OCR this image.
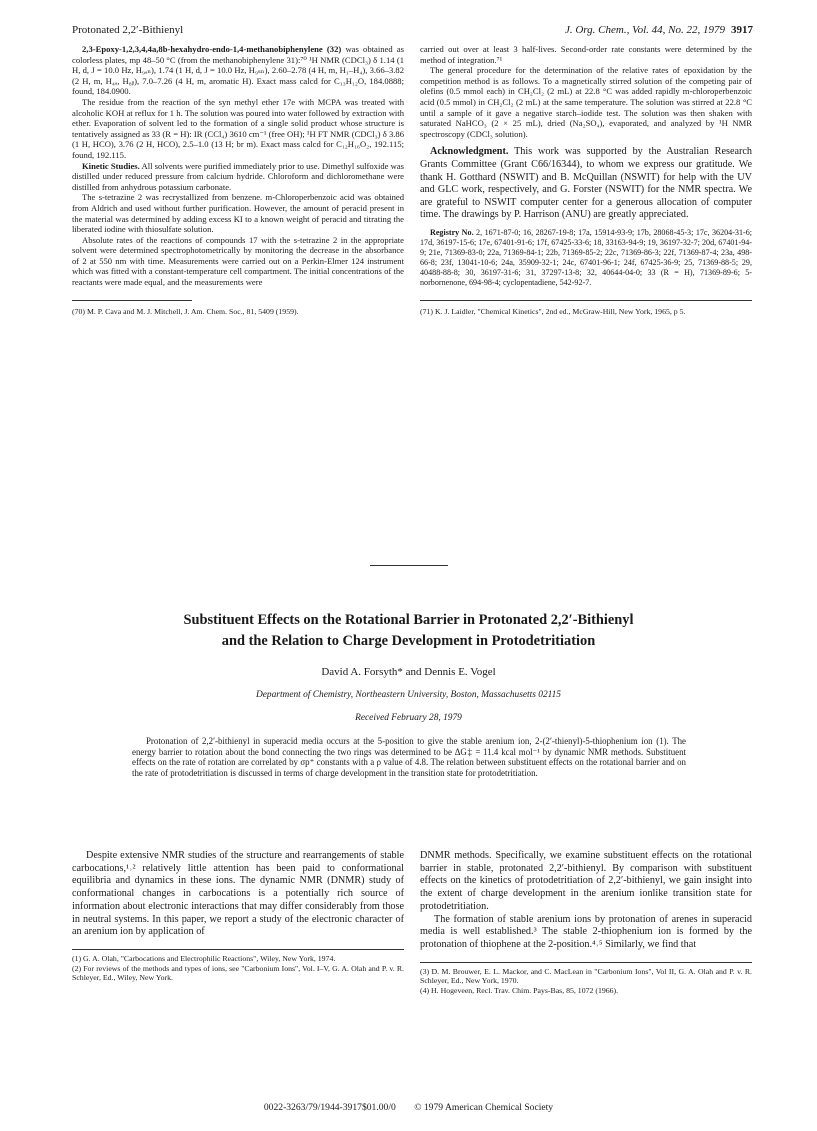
Protonated 2,2′-Bithienyl	J. Org. Chem., Vol. 44, No. 22, 1979 3917

2,3-Epoxy-1,2,3,4,4a,8b-hexahydro-endo-1,4-methanobiphenylene (32) was obtained as colorless plates, mp 48–50 °C (from the methanobiphenylene 31):⁷⁰ ¹H NMR (CDCl₃) δ 1.14 (1 H, d, J = 10.0 Hz, H₉ₐₙ), 1.74 (1 H, d, J = 10.0 Hz, H₉ₛₙ), 2.60–2.78 (4 H, m, H₁–H₄), 3.66–3.82 (2 H, m, H₄ₐ, H₈ᵦ), 7.0–7.26 (4 H, m, aromatic H). Exact mass calcd for C₁₃H₁₂O, 184.0888; found, 184.0900.

The residue from the reaction of the syn methyl ether 17e with MCPA was treated with alcoholic KOH at reflux for 1 h. The solution was poured into water followed by extraction with ether. Evaporation of solvent led to the formation of a single solid product whose structure is tentatively assigned as 33 (R = H): IR (CCl₄) 3610 cm⁻¹ (free OH); ¹H FT NMR (CDCl₃) δ 3.86 (1 H, HCO), 3.76 (2 H, HCO), 2.5–1.0 (13 H; br m). Exact mass calcd for C₁₂H₁₆O₂, 192.115; found, 192.115.

Kinetic Studies. All solvents were purified immediately prior to use. Dimethyl sulfoxide was distilled under reduced pressure from calcium hydride. Chloroform and dichloromethane were distilled from anhydrous potassium carbonate.

The s-tetrazine 2 was recrystallized from benzene. m-Chloroperbenzoic acid was obtained from Aldrich and used without further purification. However, the amount of peracid present in the material was determined by adding excess KI to a known weight of peracid and titrating the liberated iodine with thiosulfate solution.

Absolute rates of the reactions of compounds 17 with the s-tetrazine 2 in the appropriate solvent were determined spectrophotometrically by monitoring the decrease in the absorbance of 2 at 550 nm with time. Measurements were carried out on a Perkin-Elmer 124 instrument which was fitted with a constant-temperature cell compartment. The initial concentrations of the reactants were made equal, and the measurements were

(70) M. P. Cava and M. J. Mitchell, J. Am. Chem. Soc., 81, 5409 (1959).

carried out over at least 3 half-lives. Second-order rate constants were determined by the method of integration.⁷¹

The general procedure for the determination of the relative rates of epoxidation by the competition method is as follows. To a magnetically stirred solution of the competing pair of olefins (0.5 mmol each) in CH₂Cl₂ (2 mL) at 22.8 °C was added rapidly m-chloroperbenzoic acid (0.5 mmol) in CH₂Cl₂ (2 mL) at the same temperature. The solution was stirred at 22.8 °C until a sample of it gave a negative starch–iodide test. The solution was then shaken with saturated NaHCO₃ (2 × 25 mL), dried (Na₂SO₄), evaporated, and analyzed by ¹H NMR spectroscopy (CDCl₃ solution).

Acknowledgment. This work was supported by the Australian Research Grants Committee (Grant C66/16344), to whom we express our gratitude. We thank H. Gotthard (NSWIT) and B. McQuillan (NSWIT) for help with the UV and GLC work, respectively, and G. Forster (NSWIT) for the NMR spectra. We are grateful to NSWIT computer center for a generous allocation of computer time. The drawings by P. Harrison (ANU) are greatly appreciated.

Registry No. 2, 1671-87-0; 16, 28267-19-8; 17a, 15914-93-9; 17b, 28068-45-3; 17c, 36204-31-6; 17d, 36197-15-6; 17e, 67401-91-6; 17f, 67425-33-6; 18, 33163-94-9; 19, 36197-32-7; 20d, 67401-94-9; 21e, 71369-83-0; 22a, 71369-84-1; 22b, 71369-85-2; 22c, 71369-86-3; 22f, 71369-87-4; 23a, 498-66-8; 23f, 13041-10-6; 24a, 35909-32-1; 24c, 67401-96-1; 24f, 67425-36-9; 25, 71369-88-5; 29, 40488-88-8; 30, 36197-31-6; 31, 37297-13-8; 32, 40644-04-0; 33 (R = H), 71369-89-6; 5-norbornenone, 694-98-4; cyclopentadiene, 542-92-7.

(71) K. J. Laidler, "Chemical Kinetics", 2nd ed., McGraw-Hill, New York, 1965, p 5.
Substituent Effects on the Rotational Barrier in Protonated 2,2′-Bithienyl
and the Relation to Charge Development in Protodetritiation
David A. Forsyth* and Dennis E. Vogel
Department of Chemistry, Northeastern University, Boston, Massachusetts 02115
Received February 28, 1979
Protonation of 2,2′-bithienyl in superacid media occurs at the 5-position to give the stable arenium ion, 2-(2′-thienyl)-5-thiophenium ion (1). The energy barrier to rotation about the bond connecting the two rings was determined to be ΔG‡ = 11.4 kcal mol⁻¹ by dynamic NMR methods. Substituent effects on the rate of rotation are correlated by σp⁺ constants with a ρ value of 4.8. The relation between substituent effects on the rotational barrier and on the rate of protodetritiation is discussed in terms of charge development in the transition state for protodetritiation.

Despite extensive NMR studies of the structure and rearrangements of stable carbocations,¹˒² relatively little attention has been paid to conformational equilibria and dynamics in these ions. The dynamic NMR (DNMR) study of conformational changes in carbocations is a potentially rich source of information about electronic interactions that may differ considerably from those in neutral systems. In this paper, we report a study of the electronic character of an arenium ion by application of

(1) G. A. Olah, "Carbocations and Electrophilic Reactions", Wiley, New York, 1974.
(2) For reviews of the methods and types of ions, see "Carbonium Ions", Vol. I–V, G. A. Olah and P. v. R. Schleyer, Ed., Wiley, New York.

DNMR methods. Specifically, we examine substituent effects on the rotational barrier in stable, protonated 2,2′-bithienyl. By comparison with substituent effects on the kinetics of protodetritiation of 2,2′-bithienyl, we gain insight into the extent of charge development in the arenium ionlike transition state for protodetritiation.

The formation of stable arenium ions by protonation of arenes in superacid media is well established.³ The stable 2-thiophenium ion is formed by the protonation of thiophene at the 2-position.⁴˒⁵ Similarly, we find that

(3) D. M. Brouwer, E. L. Mackor, and C. MacLean in "Carbonium Ions", Vol II, G. A. Olah and P. v. R. Schleyer, Ed., New York, 1970.
(4) H. Hogeveen, Recl. Trav. Chim. Pays-Bas, 85, 1072 (1966).
0022-3263/79/1944-3917$01.00/0 © 1979 American Chemical Society
